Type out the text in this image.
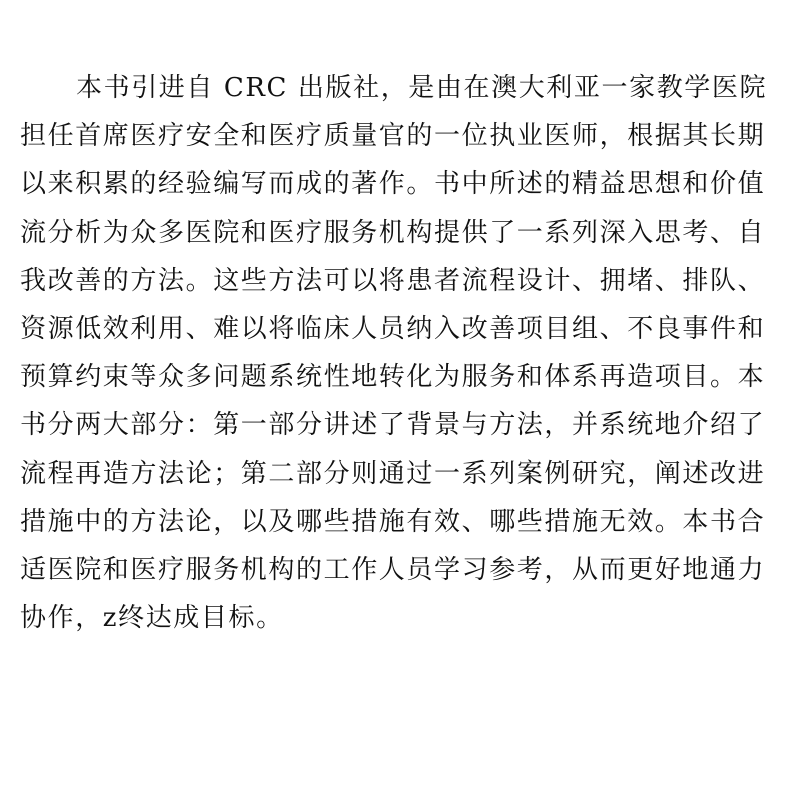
本书引进自 CRC 出版社，是由在澳大利亚一家教学医院担任首席医疗安全和医疗质量官的一位执业医师，根据其长期以来积累的经验编写而成的著作。书中所述的精益思想和价值流分析为众多医院和医疗服务机构提供了一系列深入思考、自我改善的方法。这些方法可以将患者流程设计、拥堵、排队、资源低效利用、难以将临床人员纳入改善项目组、不良事件和预算约束等众多问题系统性地转化为服务和体系再造项目。本书分两大部分：第一部分讲述了背景与方法，并系统地介绍了流程再造方法论；第二部分则通过一系列案例研究，阐述改进措施中的方法论，以及哪些措施有效、哪些措施无效。本书合适医院和医疗服务机构的工作人员学习参考，从而更好地通力协作，z终达成目标。
